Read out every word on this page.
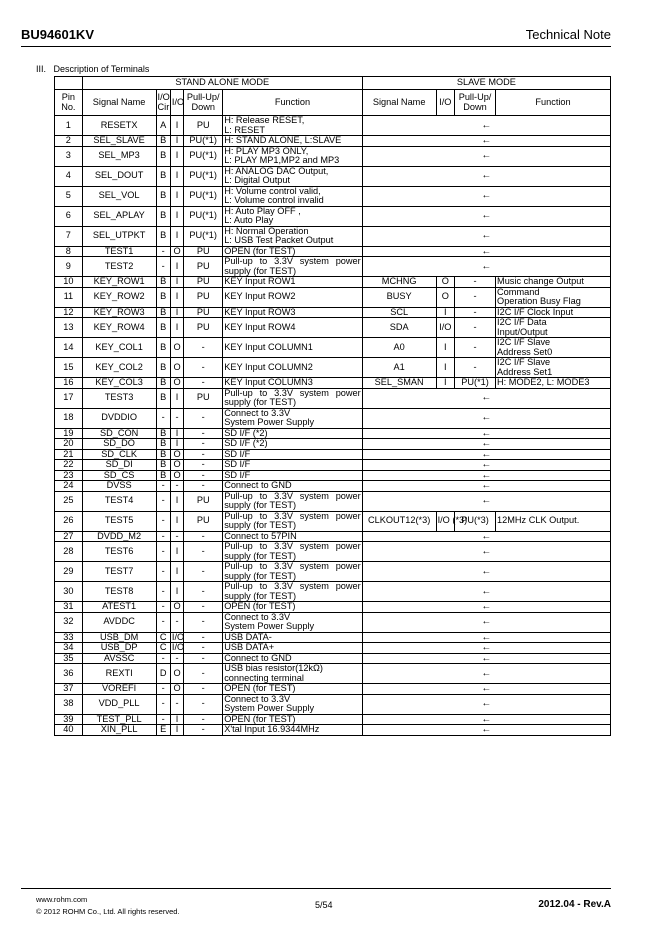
BU94601KV	Technical Note
III.   Description of Terminals
	STAND ALONE MODE					SLAVE MODE			
Pin
No.	Signal Name	I/O
Cir	I/O	Pull-Up/
Down	Function	Signal Name	I/O	Pull-Up/
Down	Function
1	RESETX	A	I	PU	H: Release RESET,
L: RESET	←			
2	SEL_SLAVE	B	I	PU(*1)	H: STAND ALONE, L:SLAVE	←			
3	SEL_MP3	B	I	PU(*1)	H: PLAY MP3 ONLY,
L: PLAY MP1,MP2 and MP3	←			
4	SEL_DOUT	B	I	PU(*1)	H: ANALOG DAC Output,
L: Digital Output	←			
5	SEL_VOL	B	I	PU(*1)	H: Volume control valid,
L: Volume control invalid	←			
6	SEL_APLAY	B	I	PU(*1)	H: Auto Play OFF ,
L: Auto Play	←			
7	SEL_UTPKT	B	I	PU(*1)	H: Normal Operation
L: USB Test Packet Output	←			
8	TEST1	-	O	PU	OPEN (for TEST)	←			
9	TEST2	-	I	PU	Pull-up to 3.3V system power supply (for TEST)	←			
10	KEY_ROW1	B	I	PU	KEY Input ROW1	MCHNG	O	-	Music change Output
11	KEY_ROW2	B	I	PU	KEY Input ROW2	BUSY	O	-	Command
Operation Busy Flag
12	KEY_ROW3	B	I	PU	KEY Input ROW3	SCL	I	-	I2C I/F Clock Input
13	KEY_ROW4	B	I	PU	KEY Input ROW4	SDA	I/O	-	I2C I/F Data
Input/Output
14	KEY_COL1	B	O	-	KEY Input COLUMN1	A0	I	-	I2C I/F Slave
Address Set0
15	KEY_COL2	B	O	-	KEY Input COLUMN2	A1	I	-	I2C I/F Slave
Address Set1
16	KEY_COL3	B	O	-	KEY Input COLUMN3	SEL_SMAN	I	PU(*1)	H: MODE2, L: MODE3
17	TEST3	B	I	PU	Pull-up to 3.3V system power supply (for TEST)	←			
18	DVDDIO	-	-	-	Connect to 3.3V
System Power Supply	←			
19	SD_CON	B	I	-	SD I/F (*2)	←			
20	SD_DO	B	I	-	SD I/F (*2)	←			
21	SD_CLK	B	O	-	SD I/F	←			
22	SD_DI	B	O	-	SD I/F	←			
23	SD_CS	B	O	-	SD I/F	←			
24	DVSS	-	-	-	Connect to GND	←			
25	TEST4	-	I	PU	Pull-up to 3.3V system power supply (for TEST)	←			
26	TEST5	-	I	PU	Pull-up to 3.3V system power supply (for TEST)	CLKOUT12(*3)	I/O (*3)	PU(*3)	12MHz CLK Output.
27	DVDD_M2	-	-	-	Connect to 57PIN	←			
28	TEST6	-	I	-	Pull-up to 3.3V system power supply (for TEST)	←			
29	TEST7	-	I	-	Pull-up to 3.3V system power supply (for TEST)	←			
30	TEST8	-	I	-	Pull-up to 3.3V system power supply (for TEST)	←			
31	ATEST1	-	O	-	OPEN (for TEST)	←			
32	AVDDC	-	-	-	Connect to 3.3V
System Power Supply	←			
33	USB_DM	C	I/O	-	USB DATA-	←			
34	USB_DP	C	I/O	-	USB DATA+	←			
35	AVSSC	-	-	-	Connect to GND	←			
36	REXTI	D	O	-	USB bias resistor(12kΩ)
connecting terminal	←			
37	VOREFI	-	O	-	OPEN (for TEST)	←			
38	VDD_PLL	-	-	-	Connect to 3.3V
System Power Supply	←			
39	TEST_PLL	-	I	-	OPEN (for TEST)	←			
40	XIN_PLL	E	I	-	X'tal Input 16.9344MHz	←			
www.rohm.com
© 2012 ROHM Co., Ltd. All rights reserved.
5/54	2012.04 - Rev.A
